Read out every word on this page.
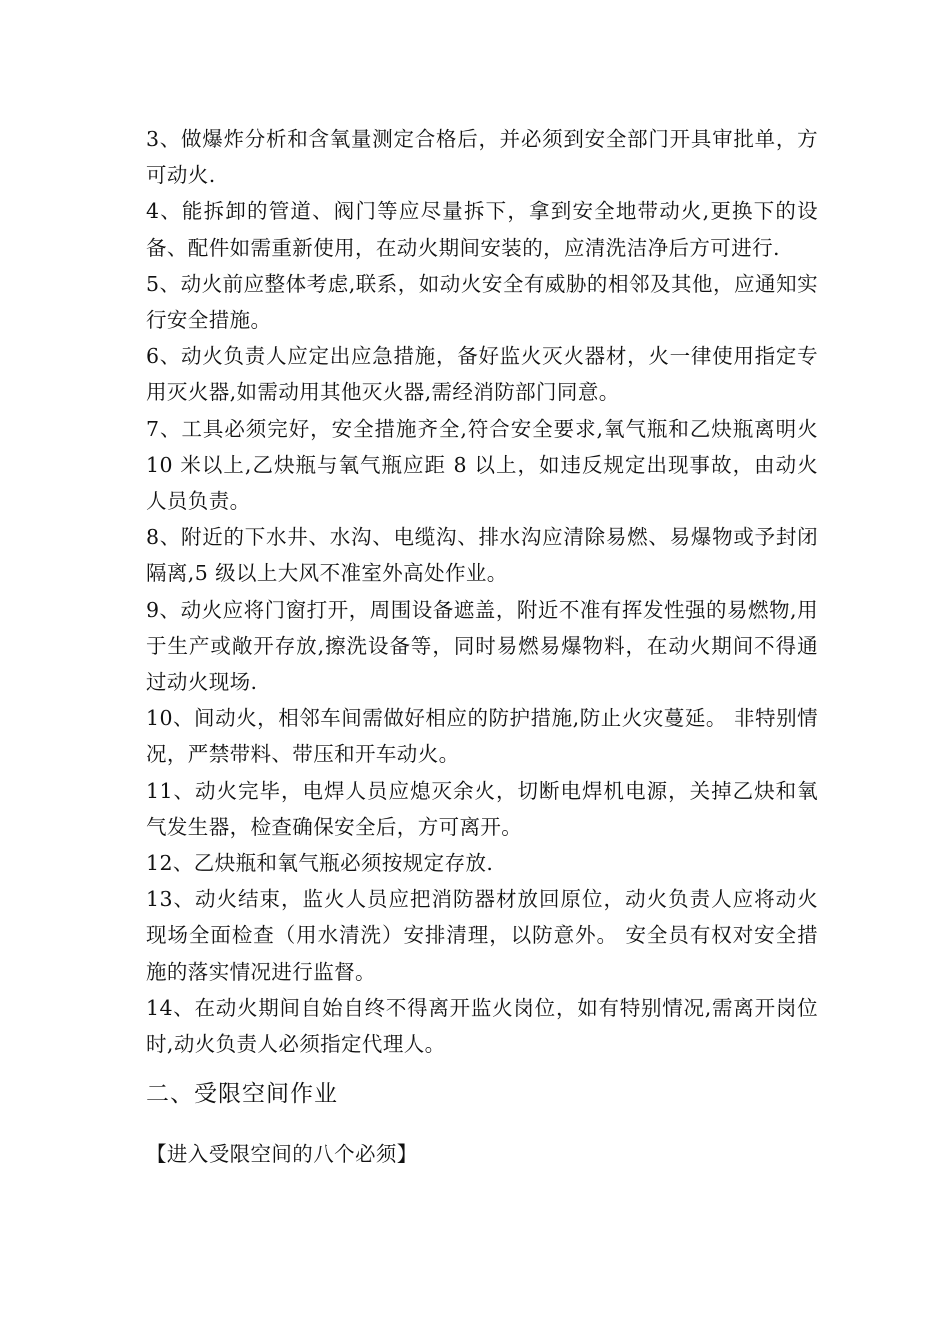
3、做爆炸分析和含氧量测定合格后，并必须到安全部门开具审批单，方可动火.

4、能拆卸的管道、阀门等应尽量拆下，拿到安全地带动火,更换下的设备、配件如需重新使用，在动火期间安装的，应清洗洁净后方可进行.

5、动火前应整体考虑,联系，如动火安全有威胁的相邻及其他，应通知实行安全措施。

6、动火负责人应定出应急措施，备好监火灭火器材，火一律使用指定专用灭火器,如需动用其他灭火器,需经消防部门同意。

7、工具必须完好，安全措施齐全,符合安全要求,氧气瓶和乙炔瓶离明火 10 米以上,乙炔瓶与氧气瓶应距 8 以上，如违反规定出现事故，由动火人员负责。

8、附近的下水井、水沟、电缆沟、排水沟应清除易燃、易爆物或予封闭隔离,5 级以上大风不准室外高处作业。

9、动火应将门窗打开，周围设备遮盖，附近不准有挥发性强的易燃物,用于生产或敞开存放,擦洗设备等，同时易燃易爆物料，在动火期间不得通过动火现场.

10、间动火，相邻车间需做好相应的防护措施,防止火灾蔓延。 非特别情况，严禁带料、带压和开车动火。

11、动火完毕，电焊人员应熄灭余火，切断电焊机电源，关掉乙炔和氧气发生器，检查确保安全后，方可离开。

12、乙炔瓶和氧气瓶必须按规定存放.

13、动火结束，监火人员应把消防器材放回原位，动火负责人应将动火现场全面检查（用水清洗）安排清理，以防意外。 安全员有权对安全措施的落实情况进行监督。

14、在动火期间自始自终不得离开监火岗位，如有特别情况,需离开岗位时,动火负责人必须指定代理人。

二、受限空间作业

【进入受限空间的八个必须】
